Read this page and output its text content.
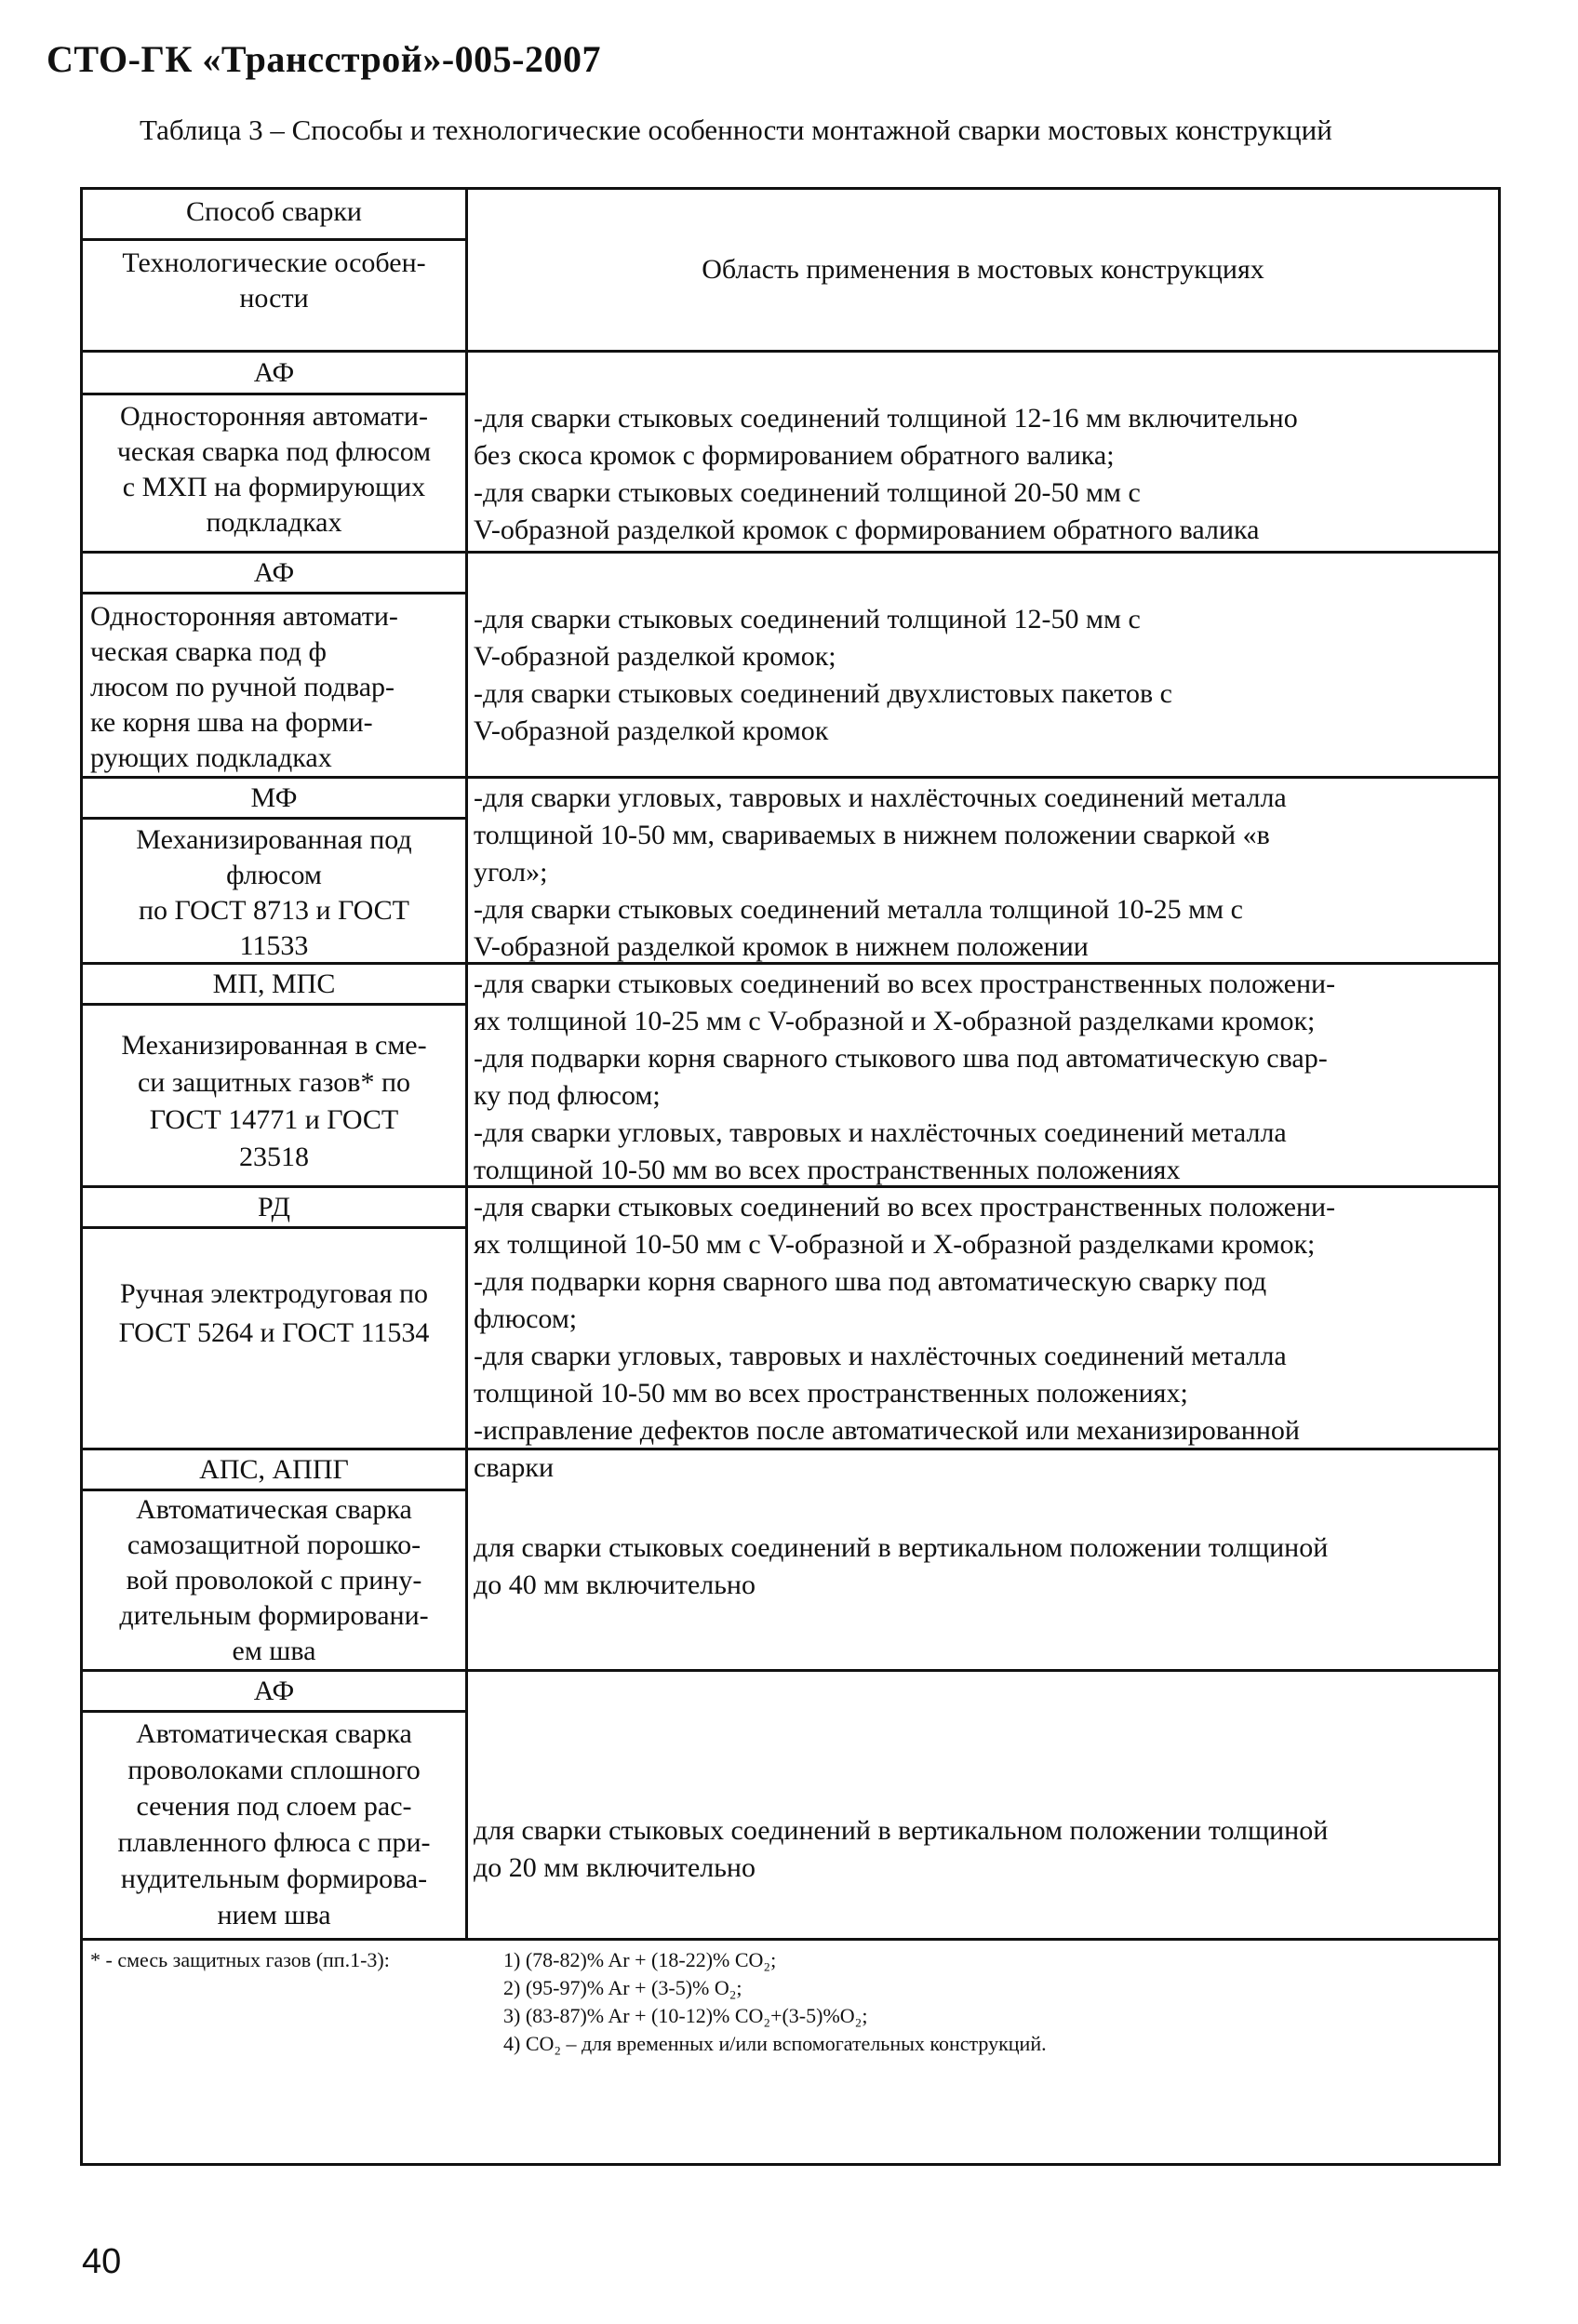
СТО-ГК «Трансстрой»-005-2007
Таблица 3 – Способы и технологические особенности монтажной сварки мостовых конструкций
Способ сварки
Технологические особен-
ности
Область применения в мостовых конструкциях
АФ
Односторонняя автомати-
ческая сварка под флюсом
с МХП на формирующих
подкладках
-для сварки стыковых соединений толщиной 12-16 мм включительно
без скоса кромок с формированием обратного валика;
-для сварки стыковых соединений толщиной 20-50 мм с
V-образной разделкой кромок с формированием обратного валика
АФ
Односторонняя автомати-
ческая сварка под ф
люсом по ручной подвар-
ке корня шва на форми-
рующих подкладках
-для сварки стыковых соединений толщиной 12-50 мм с
V-образной разделкой кромок;
-для сварки стыковых соединений двухлистовых пакетов с
V-образной разделкой кромок
МФ
Механизированная под
флюсом
по ГОСТ 8713 и ГОСТ
11533
-для сварки угловых, тавровых и нахлёсточных соединений металла
толщиной 10-50 мм, свариваемых в нижнем положении сваркой «в
угол»;
-для сварки стыковых соединений металла толщиной 10-25 мм с
V-образной разделкой кромок в нижнем положении
МП, МПС
Механизированная в сме-
си защитных газов* по
ГОСТ 14771 и ГОСТ
23518
-для сварки стыковых соединений во всех пространственных положени-
ях толщиной 10-25 мм с V-образной и Х-образной разделками кромок;
-для подварки корня сварного стыкового шва под автоматическую свар-
ку под флюсом;
-для сварки угловых, тавровых и нахлёсточных соединений металла
толщиной 10-50 мм во всех пространственных положениях
РД
Ручная электродуговая по
ГОСТ 5264 и ГОСТ 11534
-для сварки стыковых соединений во всех пространственных положени-
ях толщиной 10-50 мм с V-образной и Х-образной разделками кромок;
-для подварки корня сварного шва под автоматическую сварку под
флюсом;
-для сварки угловых, тавровых и нахлёсточных соединений металла
толщиной 10-50 мм во всех пространственных положениях;
-исправление дефектов после автоматической или механизированной
сварки
АПС, АППГ
Автоматическая сварка
самозащитной порошко-
вой проволокой с прину-
дительным формировани-
ем шва
для сварки стыковых соединений в вертикальном положении толщиной
до 40 мм включительно
АФ
Автоматическая сварка
проволоками сплошного
сечения под слоем рас-
плавленного флюса с при-
нудительным формирова-
нием шва
для сварки стыковых соединений в вертикальном положении толщиной
до 20 мм включительно
* - смесь защитных газов (пп.1-3):	1) (78-82)% Ar + (18-22)% CO₂;
2) (95-97)% Ar + (3-5)% O₂;
3) (83-87)% Ar + (10-12)% CO₂+(3-5)%O₂;
4) CO₂ – для временных и/или вспомогательных конструкций.
40
